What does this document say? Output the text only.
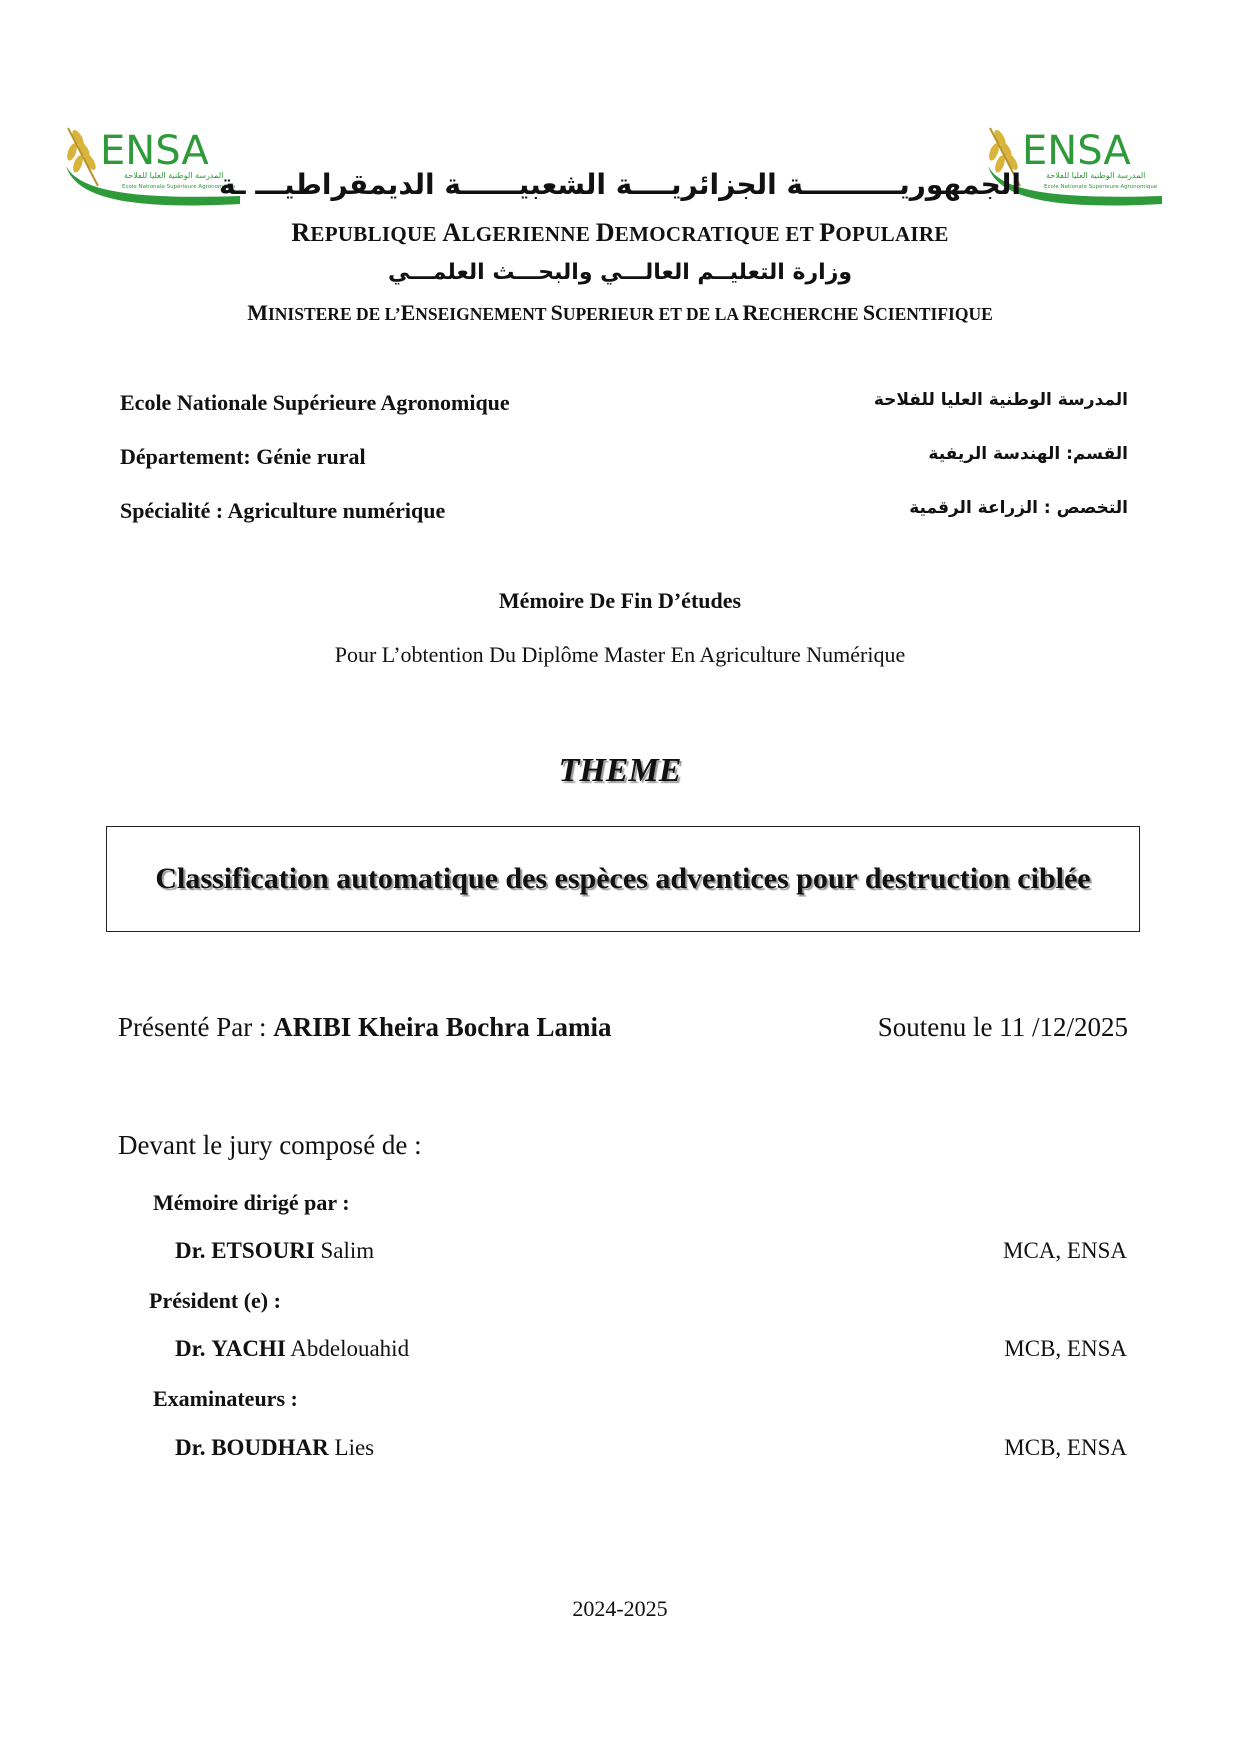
ENSA
المدرسة الوطنية العليا للفلاحة
Ecole Nationale Supérieure Agronomique
ENSA
المدرسة الوطنية العليا للفلاحة
Ecole Nationale Supérieure Agronomique
الجمهوريــــــــــة الجزائريــــة الشعبيــــــة الديمقراطيـــ ـة
REPUBLIQUE ALGERIENNE DEMOCRATIQUE ET POPULAIRE
وزارة التعليــم العالـــي والبحـــث العلمـــي
MINISTERE DE L’ENSEIGNEMENT SUPERIEUR ET DE LA RECHERCHE SCIENTIFIQUE
Ecole Nationale Supérieure Agronomique	المدرسة الوطنية العليا للفلاحة
Département: Génie rural	القسم: الهندسة الريفية
Spécialité : Agriculture numérique	التخصص : الزراعة الرقمية
Mémoire De Fin D’études
Pour L’obtention Du Diplôme Master En Agriculture Numérique
THEME
Classification automatique des espèces adventices pour destruction ciblée
Présenté Par : ARIBI Kheira Bochra Lamia	Soutenu le 11 /12/2025
Devant le jury composé de :
Mémoire dirigé par :
Dr. ETSOURI Salim	MCA, ENSA
Président (e) :
Dr. YACHI Abdelouahid	MCB, ENSA
Examinateurs :
Dr. BOUDHAR Lies	MCB, ENSA
2024-2025
